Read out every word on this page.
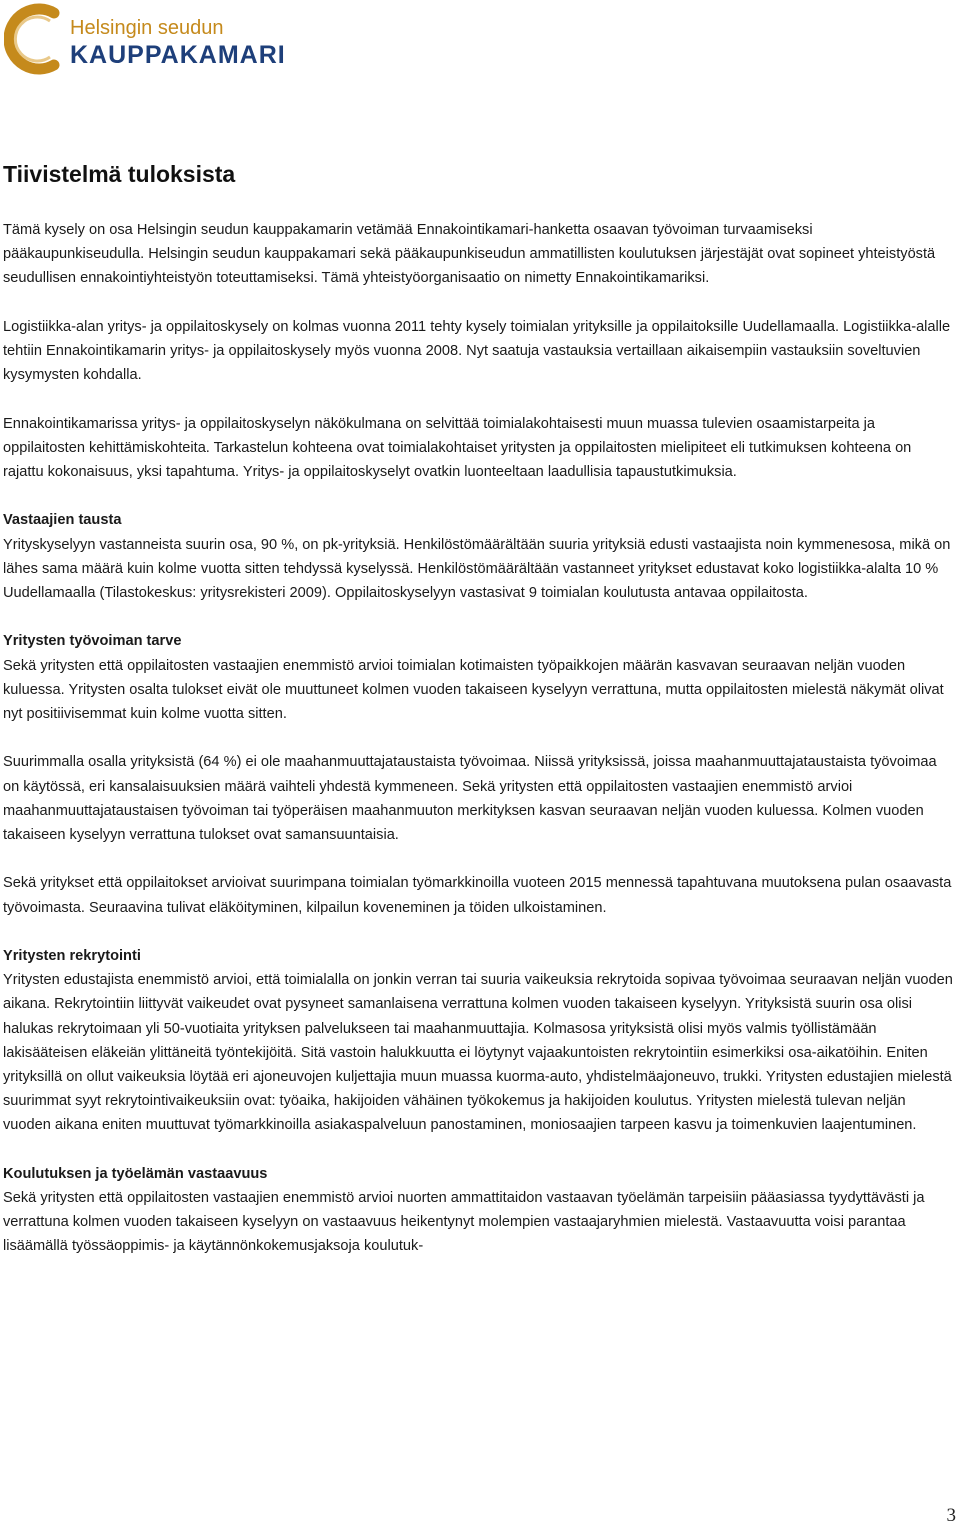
Helsingin seudun
KAUPPAKAMARI
Tiivistelmä tuloksista

Tämä kysely on osa Helsingin seudun kauppakamarin vetämää Ennakointikamari-hanketta osaavan työvoiman turvaamiseksi pääkaupunkiseudulla. Helsingin seudun kauppakamari sekä pääkaupunkiseudun ammatillisten koulutuksen järjestäjät ovat sopineet yhteistyöstä seudullisen ennakointiyhteistyön toteuttamiseksi. Tämä yhteistyöorganisaatio on nimetty Ennakointikamariksi.

Logistiikka-alan yritys- ja oppilaitoskysely on kolmas vuonna 2011 tehty kysely toimialan yrityksille ja oppilaitoksille Uudellamaalla. Logistiikka-alalle tehtiin Ennakointikamarin yritys- ja oppilaitoskysely myös vuonna 2008. Nyt saatuja vastauksia vertaillaan aikaisempiin vastauksiin soveltuvien kysymysten kohdalla.

Ennakointikamarissa yritys- ja oppilaitoskyselyn näkökulmana on selvittää toimialakohtaisesti muun muassa tulevien osaamistarpeita ja oppilaitosten kehittämiskohteita. Tarkastelun kohteena ovat toimialakohtaiset yritysten ja oppilaitosten mielipiteet eli tutkimuksen kohteena on rajattu kokonaisuus, yksi tapahtuma. Yritys- ja oppilaitoskyselyt ovatkin luonteeltaan laadullisia tapaustutkimuksia.

Vastaajien tausta

Yrityskyselyyn vastanneista suurin osa, 90 %, on pk-yrityksiä. Henkilöstömäärältään suuria yrityksiä edusti vastaajista noin kymmenesosa, mikä on lähes sama määrä kuin kolme vuotta sitten tehdyssä kyselyssä. Henkilöstömäärältään vastanneet yritykset edustavat koko logistiikka-alalta 10 % Uudellamaalla (Tilastokeskus: yritysrekisteri 2009). Oppilaitoskyselyyn vastasivat 9 toimialan koulutusta antavaa oppilaitosta.

Yritysten työvoiman tarve

Sekä yritysten että oppilaitosten vastaajien enemmistö arvioi toimialan kotimaisten työpaikkojen määrän kasvavan seuraavan neljän vuoden kuluessa. Yritysten osalta tulokset eivät ole muuttuneet kolmen vuoden takaiseen kyselyyn verrattuna, mutta oppilaitosten mielestä näkymät olivat nyt positiivisemmat kuin kolme vuotta sitten.

Suurimmalla osalla yrityksistä (64 %) ei ole maahanmuuttajataustaista työvoimaa. Niissä yrityksissä, joissa maahanmuuttajataustaista työvoimaa on käytössä, eri kansalaisuuksien määrä vaihteli yhdestä kymmeneen. Sekä yritysten että oppilaitosten vastaajien enemmistö arvioi maahanmuuttajataustaisen työvoiman tai työperäisen maahanmuuton merkityksen kasvan seuraavan neljän vuoden kuluessa. Kolmen vuoden takaiseen kyselyyn verrattuna tulokset ovat samansuuntaisia.

Sekä yritykset että oppilaitokset arvioivat suurimpana toimialan työmarkkinoilla vuoteen 2015 mennessä tapahtuvana muutoksena pulan osaavasta työvoimasta. Seuraavina tulivat eläköityminen, kilpailun koveneminen ja töiden ulkoistaminen.

Yritysten rekrytointi

Yritysten edustajista enemmistö arvioi, että toimialalla on jonkin verran tai suuria vaikeuksia rekrytoida sopivaa työvoimaa seuraavan neljän vuoden aikana. Rekrytointiin liittyvät vaikeudet ovat pysyneet samanlaisena verrattuna kolmen vuoden takaiseen kyselyyn. Yrityksistä suurin osa olisi halukas rekrytoimaan yli 50-vuotiaita yrityksen palvelukseen tai maahanmuuttajia. Kolmasosa yrityksistä olisi myös valmis työllistämään lakisääteisen eläkeiän ylittäneitä työntekijöitä. Sitä vastoin halukkuutta ei löytynyt vajaakuntoisten rekrytointiin esimerkiksi osa-aikatöihin. Eniten yrityksillä on ollut vaikeuksia löytää eri ajoneuvojen kuljettajia muun muassa kuorma-auto, yhdistelmäajoneuvo, trukki. Yritysten edustajien mielestä suurimmat syyt rekrytointivaikeuksiin ovat: työaika, hakijoiden vähäinen työkokemus ja hakijoiden koulutus. Yritysten mielestä tulevan neljän vuoden aikana eniten muuttuvat työmarkkinoilla asiakaspalveluun panostaminen, moniosaajien tarpeen kasvu ja toimenkuvien laajentuminen.

Koulutuksen ja työelämän vastaavuus

Sekä yritysten että oppilaitosten vastaajien enemmistö arvioi nuorten ammattitaidon vastaavan työelämän tarpeisiin pääasiassa tyydyttävästi ja verrattuna kolmen vuoden takaiseen kyselyyn on vastaavuus heikentynyt molempien vastaajaryhmien mielestä. Vastaavuutta voisi parantaa lisäämällä työssäoppimis- ja käytännönkokemusjaksoja koulutuk-

3
